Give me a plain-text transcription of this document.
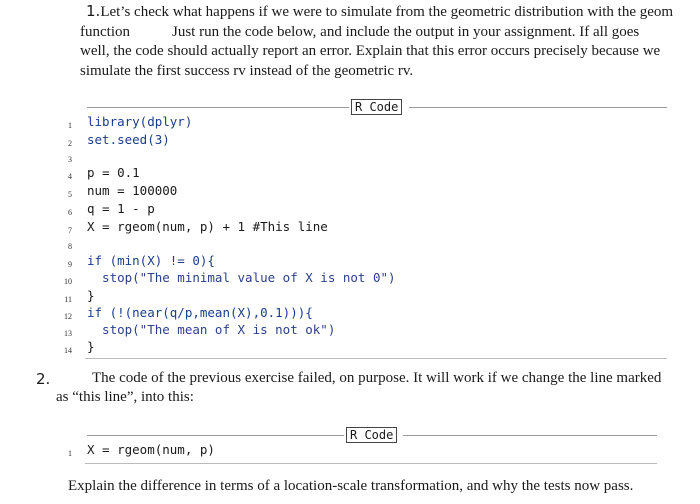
1.Let’s check what happens if we were to simulate from the geometric distribution with the geom
function	Just run the code below, and include the output in your assignment. If all goes
well, the code should actually report an error. Explain that this error occurs precisely because we
simulate the first success rv instead of the geometric rv.
R Code
1 library(dplyr)
2 set.seed(3)
3
4 p = 0.1
5 num = 100000
6 q = 1 - p
7 X = rgeom(num, p) + 1 #This line
8
9 if (min(X) != 0){
10 stop("The minimal value of X is not 0")
11 }
12 if (!(near(q/p,mean(X),0.1))){
13 stop("The mean of X is not ok")
14 }
2.	The code of the previous exercise failed, on purpose. It will work if we change the line marked
as “this line”, into this:
R Code
1 X = rgeom(num, p)
Explain the difference in terms of a location-scale transformation, and why the tests now pass.
